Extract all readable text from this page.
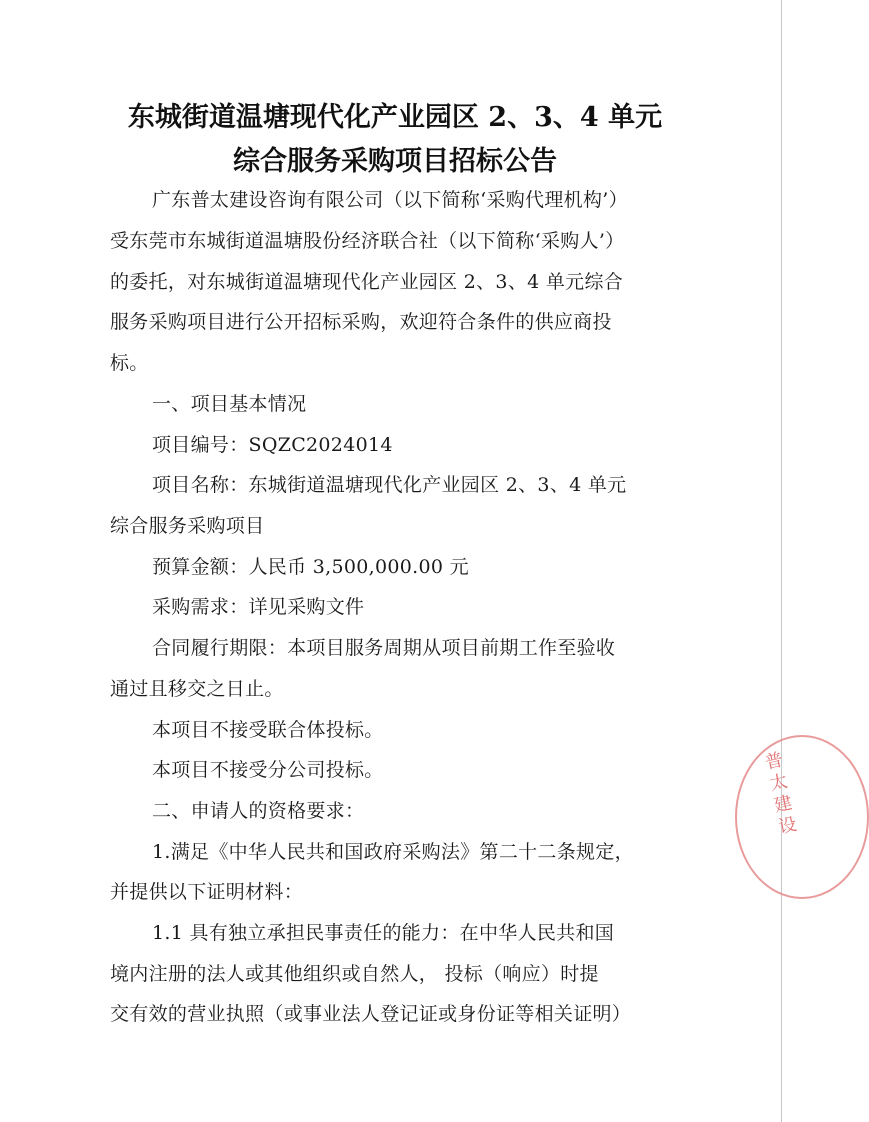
东城街道温塘现代化产业园区 2、3、4 单元
综合服务采购项目招标公告
广东普太建设咨询有限公司（以下简称‘采购代理机构’）
受东莞市东城街道温塘股份经济联合社（以下简称‘采购人’）
的委托，对东城街道温塘现代化产业园区 2、3、4 单元综合
服务采购项目进行公开招标采购，欢迎符合条件的供应商投
标。
一、项目基本情况
项目编号：SQZC2024014
项目名称：东城街道温塘现代化产业园区 2、3、4 单元
综合服务采购项目
预算金额：人民币 3,500,000.00 元
采购需求：详见采购文件
合同履行期限：本项目服务周期从项目前期工作至验收
通过且移交之日止。
本项目不接受联合体投标。
本项目不接受分公司投标。
二、申请人的资格要求：
1.满足《中华人民共和国政府采购法》第二十二条规定，
并提供以下证明材料：
1.1 具有独立承担民事责任的能力：在中华人民共和国
境内注册的法人或其他组织或自然人， 投标（响应）时提
交有效的营业执照（或事业法人登记证或身份证等相关证明）
普太建设
